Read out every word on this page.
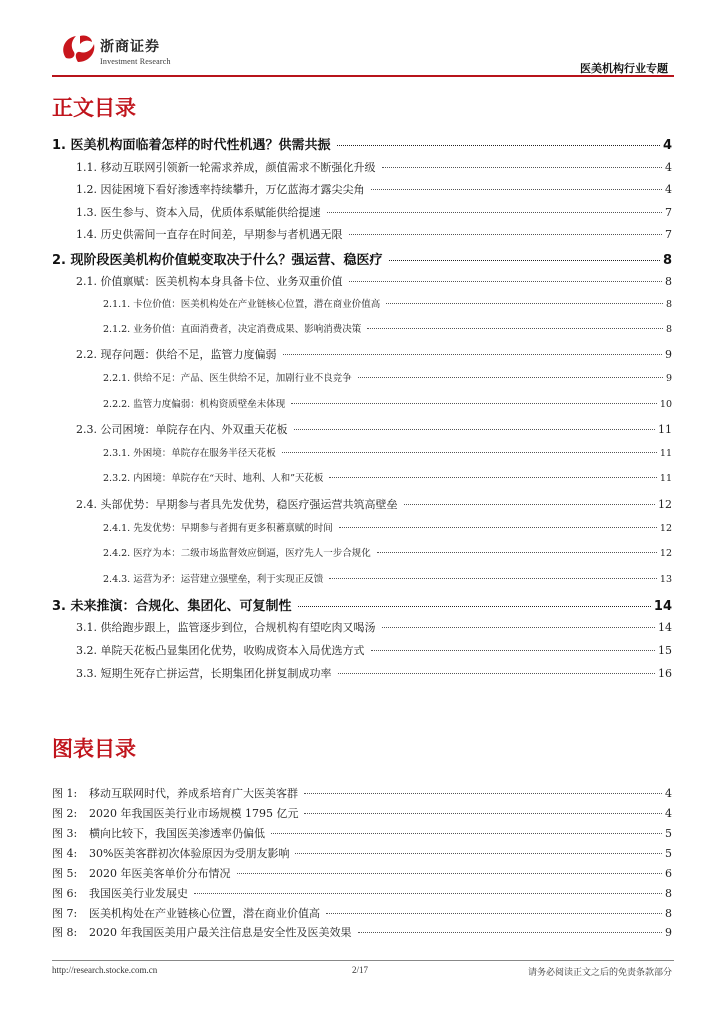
浙商证券
Investment Research
医美机构行业专题
正文目录
1. 医美机构面临着怎样的时代性机遇？供需共振	4
1.1. 移动互联网引领新一轮需求养成，颜值需求不断强化升级	4
1.2. 因徒困境下看好渗透率持续攀升，万亿蓝海才露尖尖角	4
1.3. 医生参与、资本入局，优质体系赋能供给提速	7
1.4. 历史供需间一直存在时间差，早期参与者机遇无限	7
2. 现阶段医美机构价值蜕变取决于什么？强运营、稳医疗	8
2.1. 价值禀赋：医美机构本身具备卡位、业务双重价值	8
2.1.1. 卡位价值：医美机构处在产业链核心位置，潜在商业价值高	8
2.1.2. 业务价值：直面消费者，决定消费成果、影响消费决策	8
2.2. 现存问题：供给不足，监管力度偏弱	9
2.2.1. 供给不足：产品、医生供给不足，加剧行业不良竞争	9
2.2.2. 监管力度偏弱：机构资质壁垒未体现	10
2.3. 公司困境：单院存在内、外双重天花板	11
2.3.1. 外困境：单院存在服务半径天花板	11
2.3.2. 内困境：单院存在“天时、地利、人和”天花板	11
2.4. 头部优势：早期参与者具先发优势，稳医疗强运营共筑高壁垒	12
2.4.1. 先发优势：早期参与者拥有更多积蓄禀赋的时间	12
2.4.2. 医疗为本：二级市场监督效应倒逼，医疗先人一步合规化	12
2.4.3. 运营为矛：运营建立强壁垒，利于实现正反馈	13
3. 未来推演：合规化、集团化、可复制性	14
3.1. 供给跑步跟上，监管逐步到位，合规机构有望吃肉又喝汤	14
3.2. 单院天花板凸显集团化优势，收购成资本入局优选方式	15
3.3. 短期生死存亡拼运营，长期集团化拼复制成功率	16
图表目录
图 1:	移动互联网时代，养成系培育广大医美客群	4
图 2:	2020 年我国医美行业市场规模 1795 亿元	4
图 3:	横向比较下，我国医美渗透率仍偏低	5
图 4:	30%医美客群初次体验原因为受朋友影响	5
图 5:	2020 年医美客单价分布情况	6
图 6:	我国医美行业发展史	8
图 7:	医美机构处在产业链核心位置，潜在商业价值高	8
图 8:	2020 年我国医美用户最关注信息是安全性及医美效果	9
http://research.stocke.com.cn	2/17	请务必阅读正文之后的免责条款部分
